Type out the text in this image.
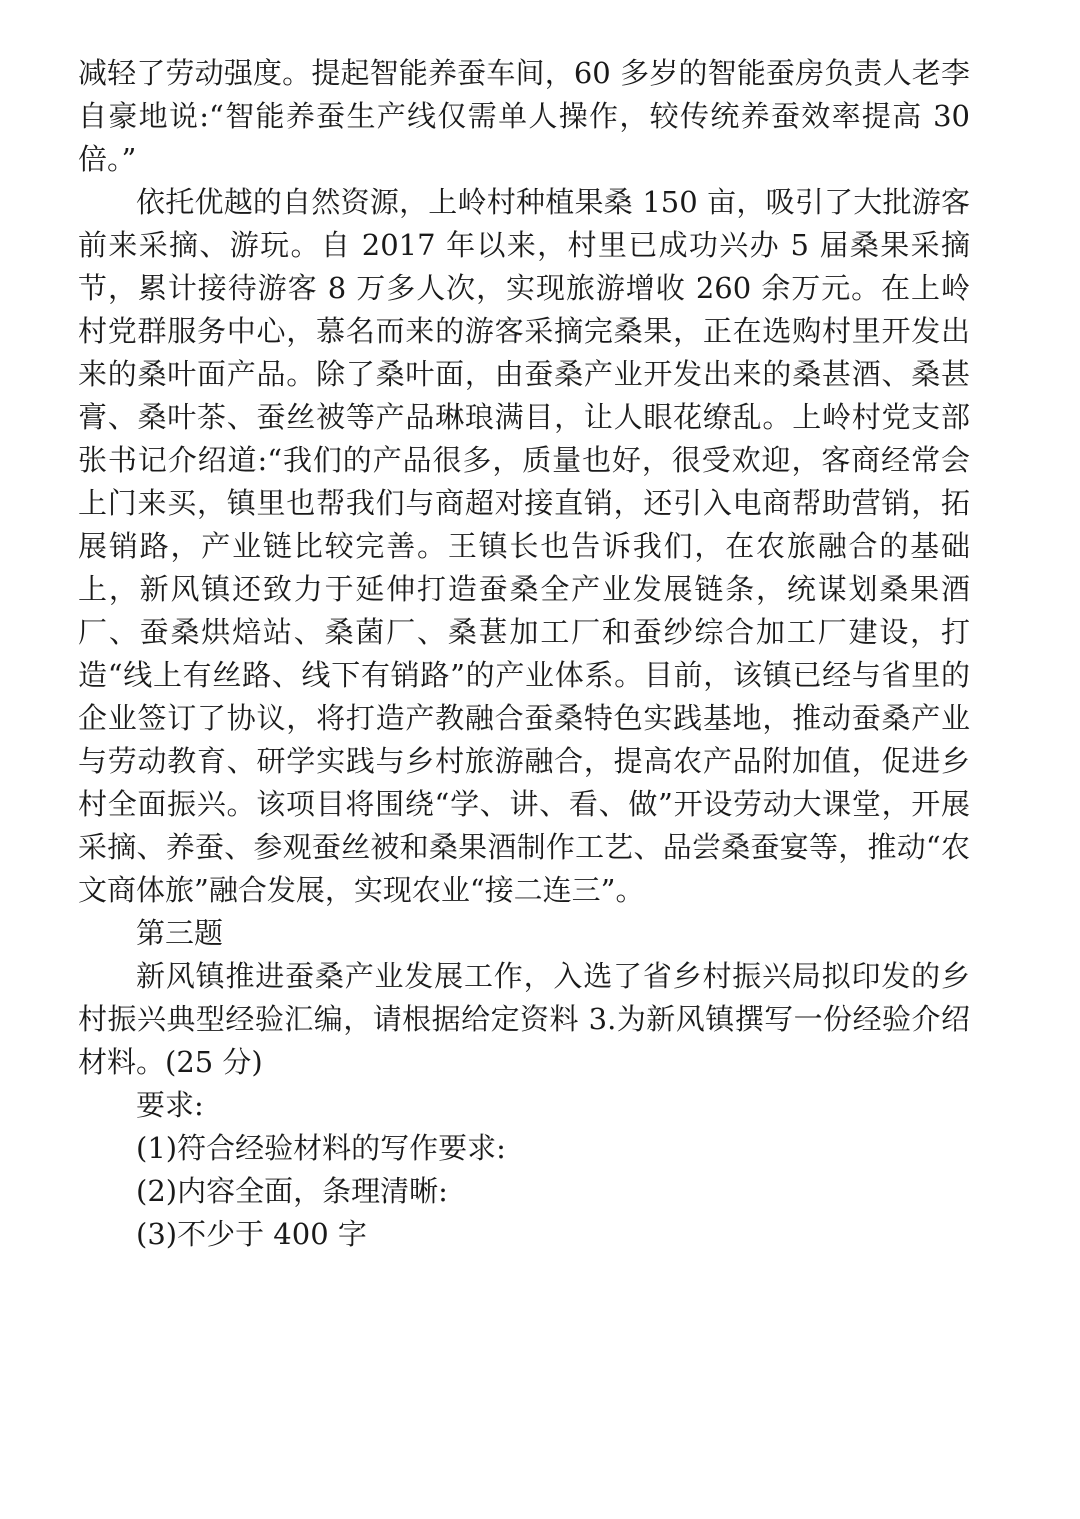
减轻了劳动强度。提起智能养蚕车间，60 多岁的智能蚕房负责人老李自豪地说:“智能养蚕生产线仅需单人操作，较传统养蚕效率提高 30 倍。”

依托优越的自然资源，上岭村种植果桑 150 亩，吸引了大批游客前来采摘、游玩。自 2017 年以来，村里已成功兴办 5 届桑果采摘节，累计接待游客 8 万多人次，实现旅游增收 260 余万元。在上岭村党群服务中心，慕名而来的游客采摘完桑果，正在选购村里开发出来的桑叶面产品。除了桑叶面，由蚕桑产业开发出来的桑甚酒、桑甚膏、桑叶茶、蚕丝被等产品琳琅满目，让人眼花缭乱。上岭村党支部张书记介绍道:“我们的产品很多，质量也好，很受欢迎，客商经常会上门来买，镇里也帮我们与商超对接直销，还引入电商帮助营销，拓展销路，产业链比较完善。王镇长也告诉我们，在农旅融合的基础上，新风镇还致力于延伸打造蚕桑全产业发展链条，统谋划桑果酒厂、蚕桑烘焙站、桑菌厂、桑葚加工厂和蚕纱综合加工厂建设，打造“线上有丝路、线下有销路”的产业体系。目前，该镇已经与省里的企业签订了协议，将打造产教融合蚕桑特色实践基地，推动蚕桑产业与劳动教育、研学实践与乡村旅游融合，提高农产品附加值，促进乡村全面振兴。该项目将围绕“学、讲、看、做”开设劳动大课堂，开展采摘、养蚕、参观蚕丝被和桑果酒制作工艺、品尝桑蚕宴等，推动“农文商体旅”融合发展，实现农业“接二连三”。

第三题

新风镇推进蚕桑产业发展工作，入选了省乡村振兴局拟印发的乡村振兴典型经验汇编，请根据给定资料 3.为新风镇撰写一份经验介绍材料。(25 分)

要求:

(1)符合经验材料的写作要求:

(2)内容全面，条理清晰:

(3)不少于 400 字
